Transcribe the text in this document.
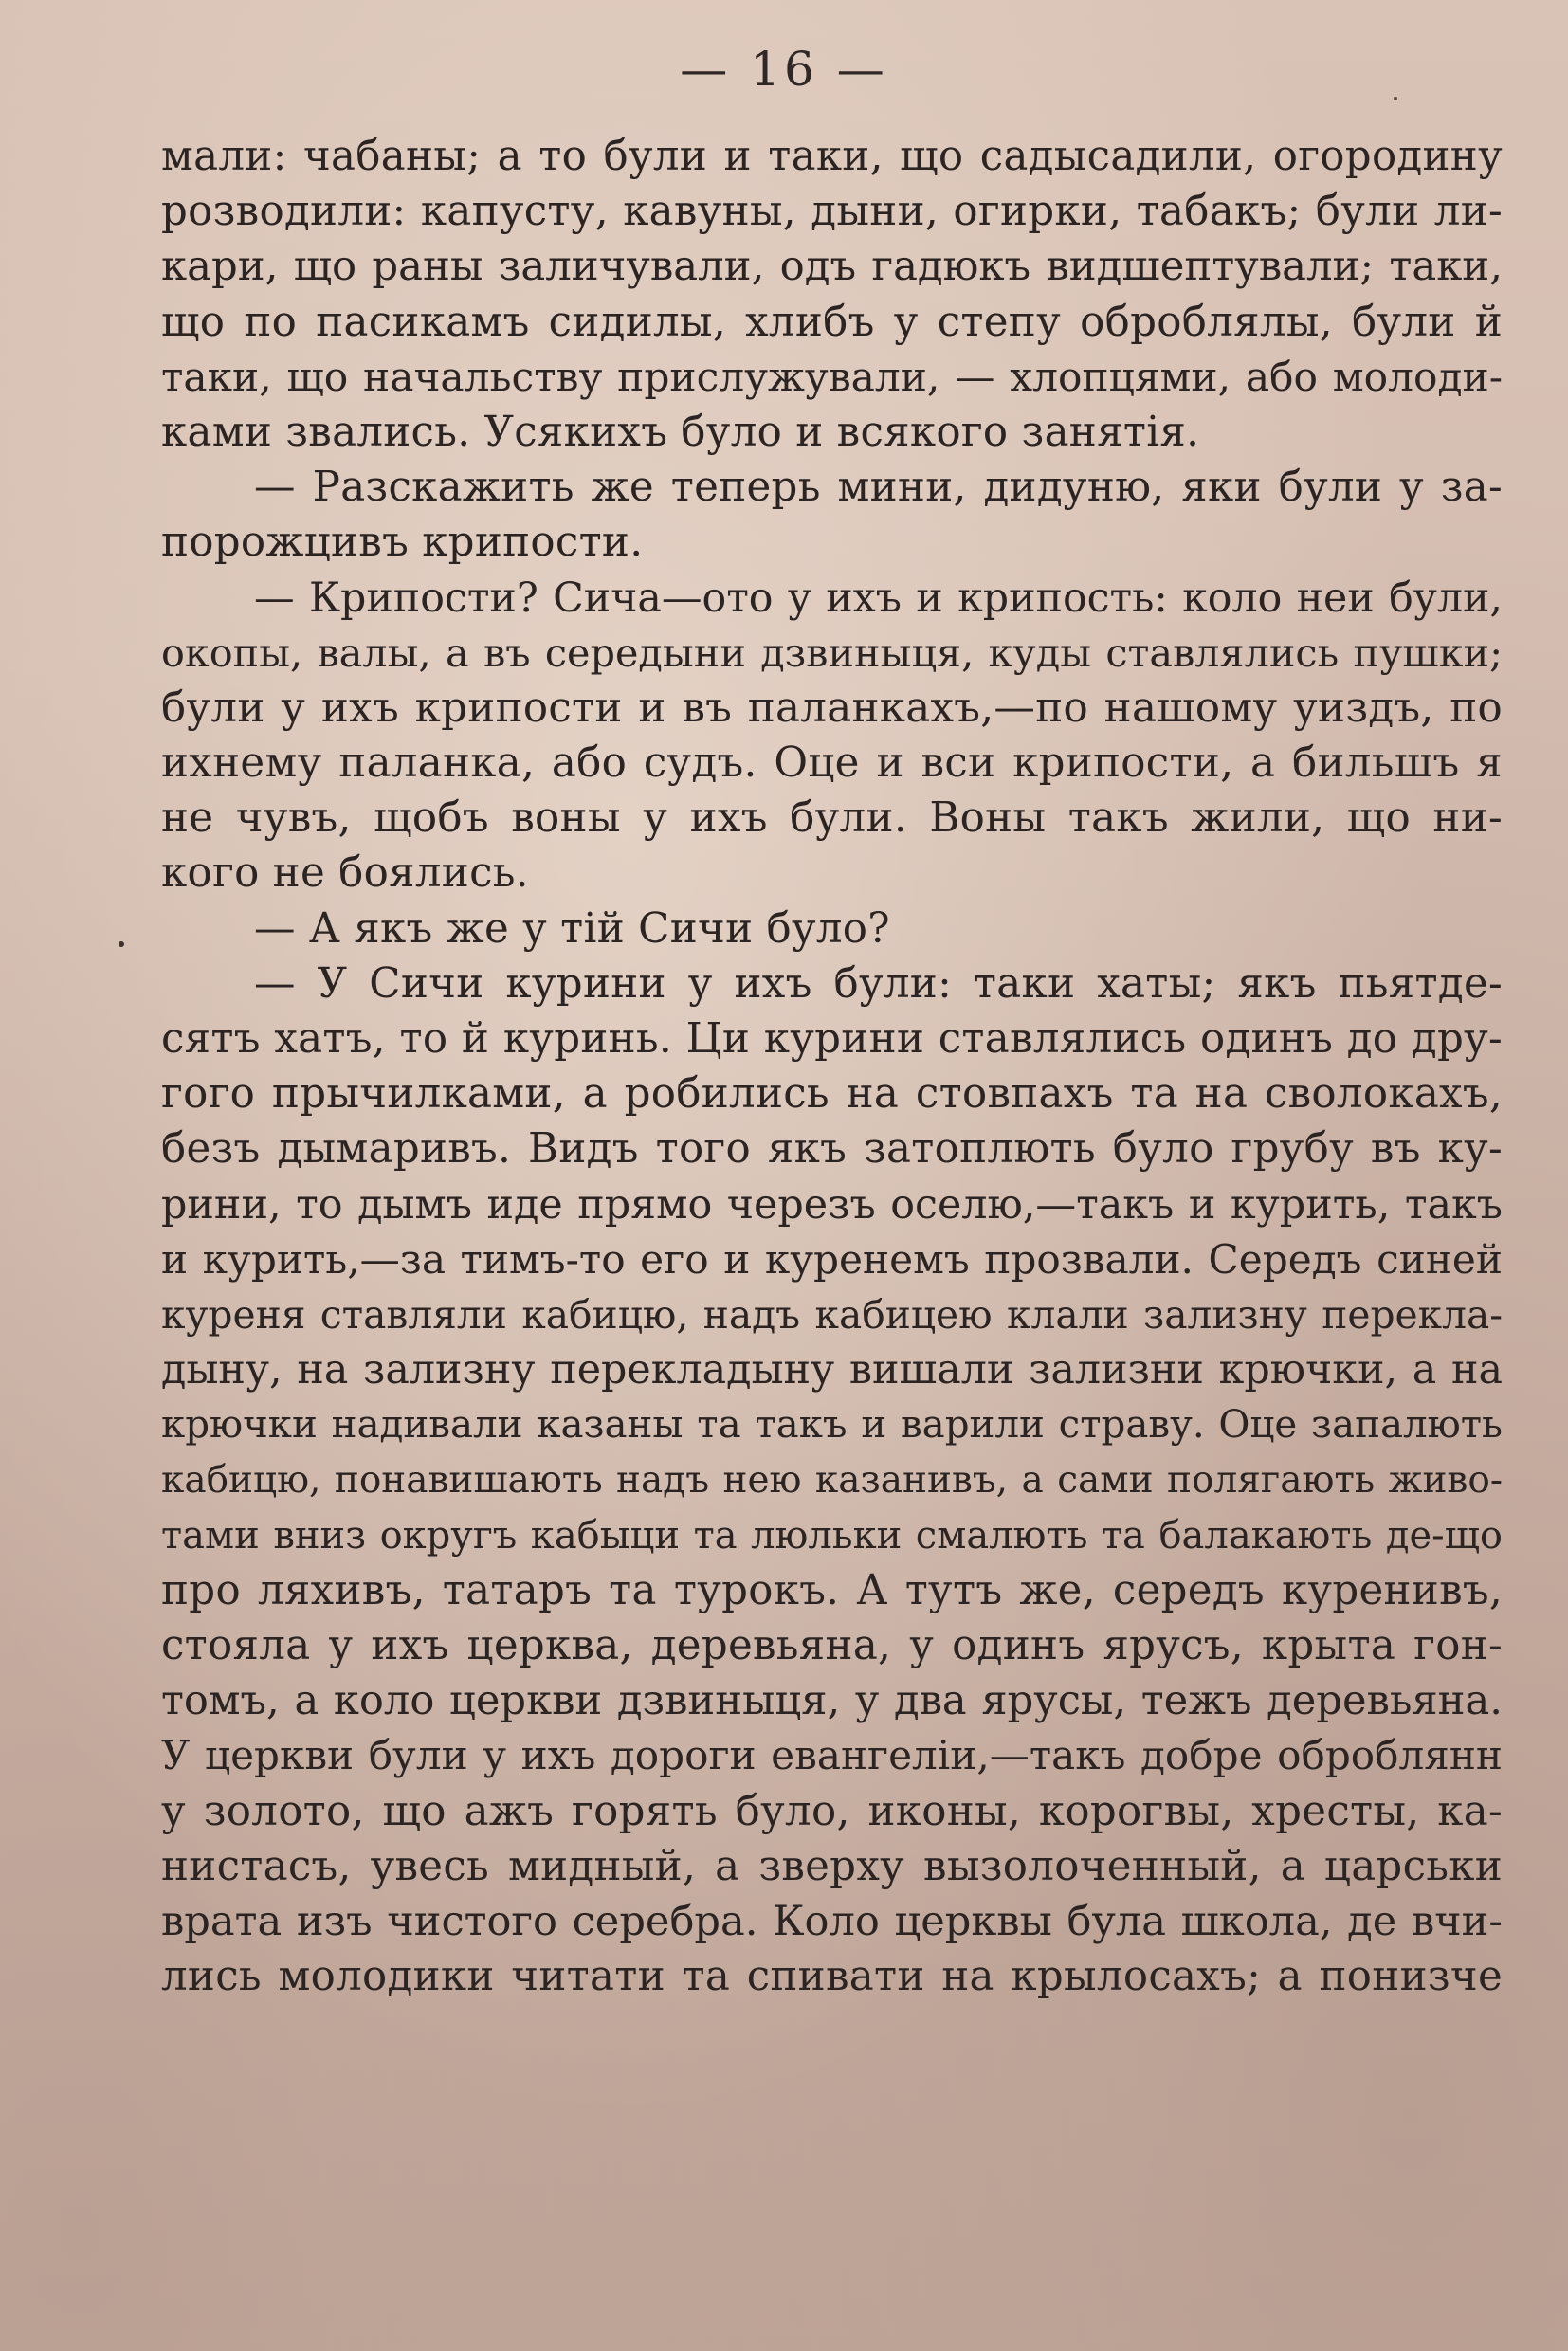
— 16 —
мали: чабаны; а то були и таки, що садысадили, огородину
розводили: капусту, кавуны, дыни, огирки, табакъ; були ли-
кари, що раны заличували, одъ гадюкъ видшептували; таки,
що по пасикамъ сидилы, хлибъ у степу оброблялы, були й
таки, що начальству прислужували, — хлопцями, або молоди-
ками звались. Усякихъ було и всякого занятія.
— Разскажить же теперь мини, дидуню, яки були у за-
порожцивъ крипости.
— Крипости? Сича—ото у ихъ и крипость: коло неи були,
окопы, валы, а въ середыни дзвиныця, куды ставлялись пушки;
були у ихъ крипости и въ паланкахъ,—по нашому уиздъ, по
ихнему паланка, або судъ. Оце и вси крипости, а бильшъ я
не чувъ, щобъ воны у ихъ були. Воны такъ жили, що ни-
кого не боялись.
— А якъ же у тій Сичи було?
— У Сичи курини у ихъ були: таки хаты; якъ пьятде-
сятъ хатъ, то й куринь. Ци курини ставлялись одинъ до дру-
гого прычилками, а робились на стовпахъ та на сволокахъ,
безъ дымаривъ. Видъ того якъ затоплють було грубу въ ку-
рини, то дымъ иде прямо черезъ оселю,—такъ и курить, такъ
и курить,—за тимъ-то его и куренемъ прозвали. Середъ синей
куреня ставляли кабицю, надъ кабицею клали зализну перекла-
дыну, на зализну перекладыну вишали зализни крючки, а на
крючки надивали казаны та такъ и варили страву. Оце запалють
кабицю, понавишають надъ нею казанивъ, а сами полягають живо-
тами вниз округъ кабыци та люльки смалють та балакають де-що
про ляхивъ, татаръ та турокъ. А тутъ же, середъ куренивъ,
стояла у ихъ церква, деревьяна, у одинъ ярусъ, крыта гон-
томъ, а коло церкви дзвиныця, у два ярусы, тежъ деревьяна.
У церкви були у ихъ дороги евангеліи,—такъ добре оброблянн
у золото, що ажъ горять було, иконы, корогвы, хресты, ка-
нистасъ, увесь мидный, а зверху вызолоченный, а царськи
врата изъ чистого серебра. Коло церквы була школа, де вчи-
лись молодики читати та спивати на крылосахъ; а понизче
